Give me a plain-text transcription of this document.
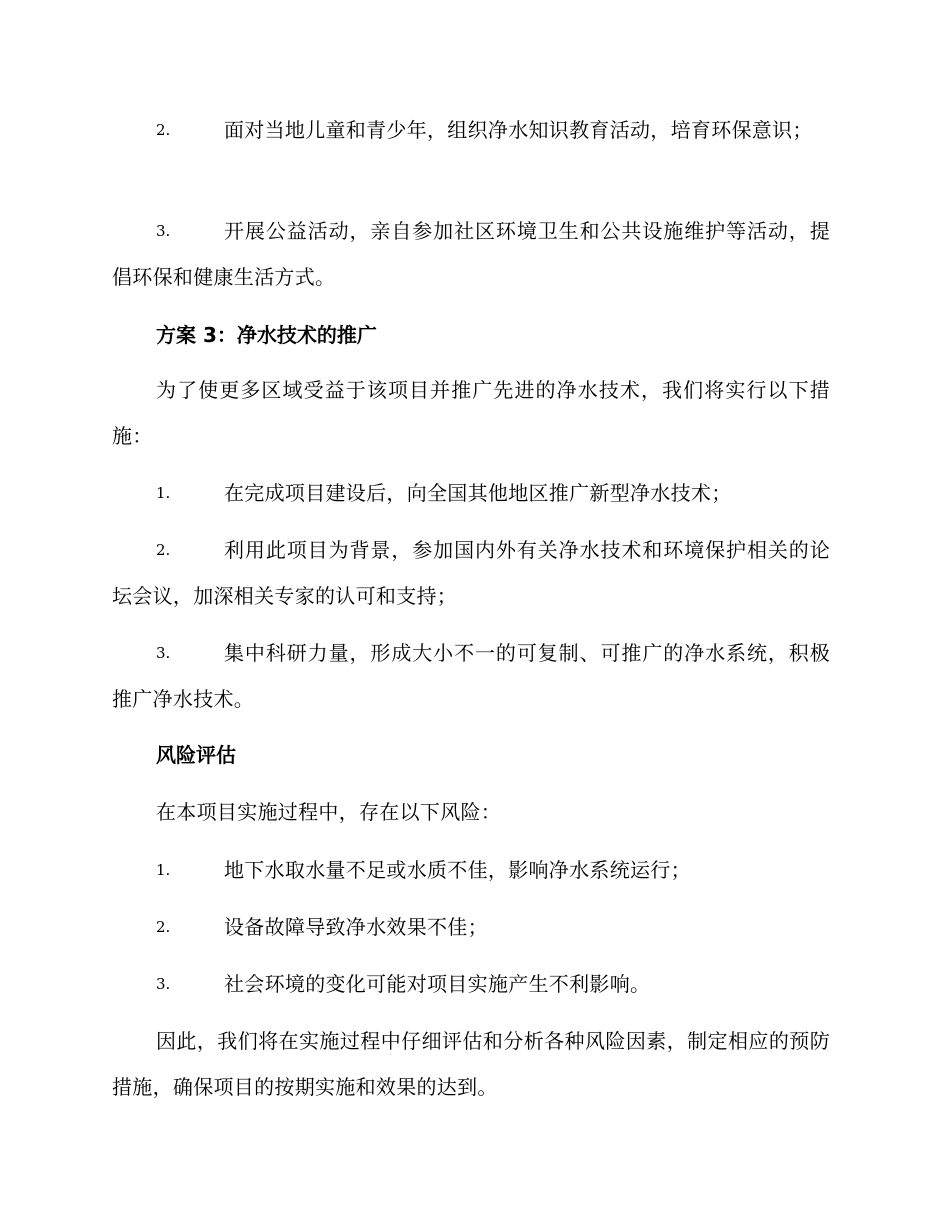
2.	面对当地儿童和青少年，组织净水知识教育活动，培育环保意识；
3.	开展公益活动，亲自参加社区环境卫生和公共设施维护等活动，提倡环保和健康生活方式。
方案 3：净水技术的推广

为了使更多区域受益于该项目并推广先进的净水技术，我们将实行以下措施：

1.	在完成项目建设后，向全国其他地区推广新型净水技术；
2.	利用此项目为背景，参加国内外有关净水技术和环境保护相关的论坛会议，加深相关专家的认可和支持；
3.	集中科研力量，形成大小不一的可复制、可推广的净水系统，积极推广净水技术。
风险评估

在本项目实施过程中，存在以下风险：

1.	地下水取水量不足或水质不佳，影响净水系统运行；
2.	设备故障导致净水效果不佳；
3.	社会环境的变化可能对项目实施产生不利影响。

因此，我们将在实施过程中仔细评估和分析各种风险因素，制定相应的预防措施，确保项目的按期实施和效果的达到。
